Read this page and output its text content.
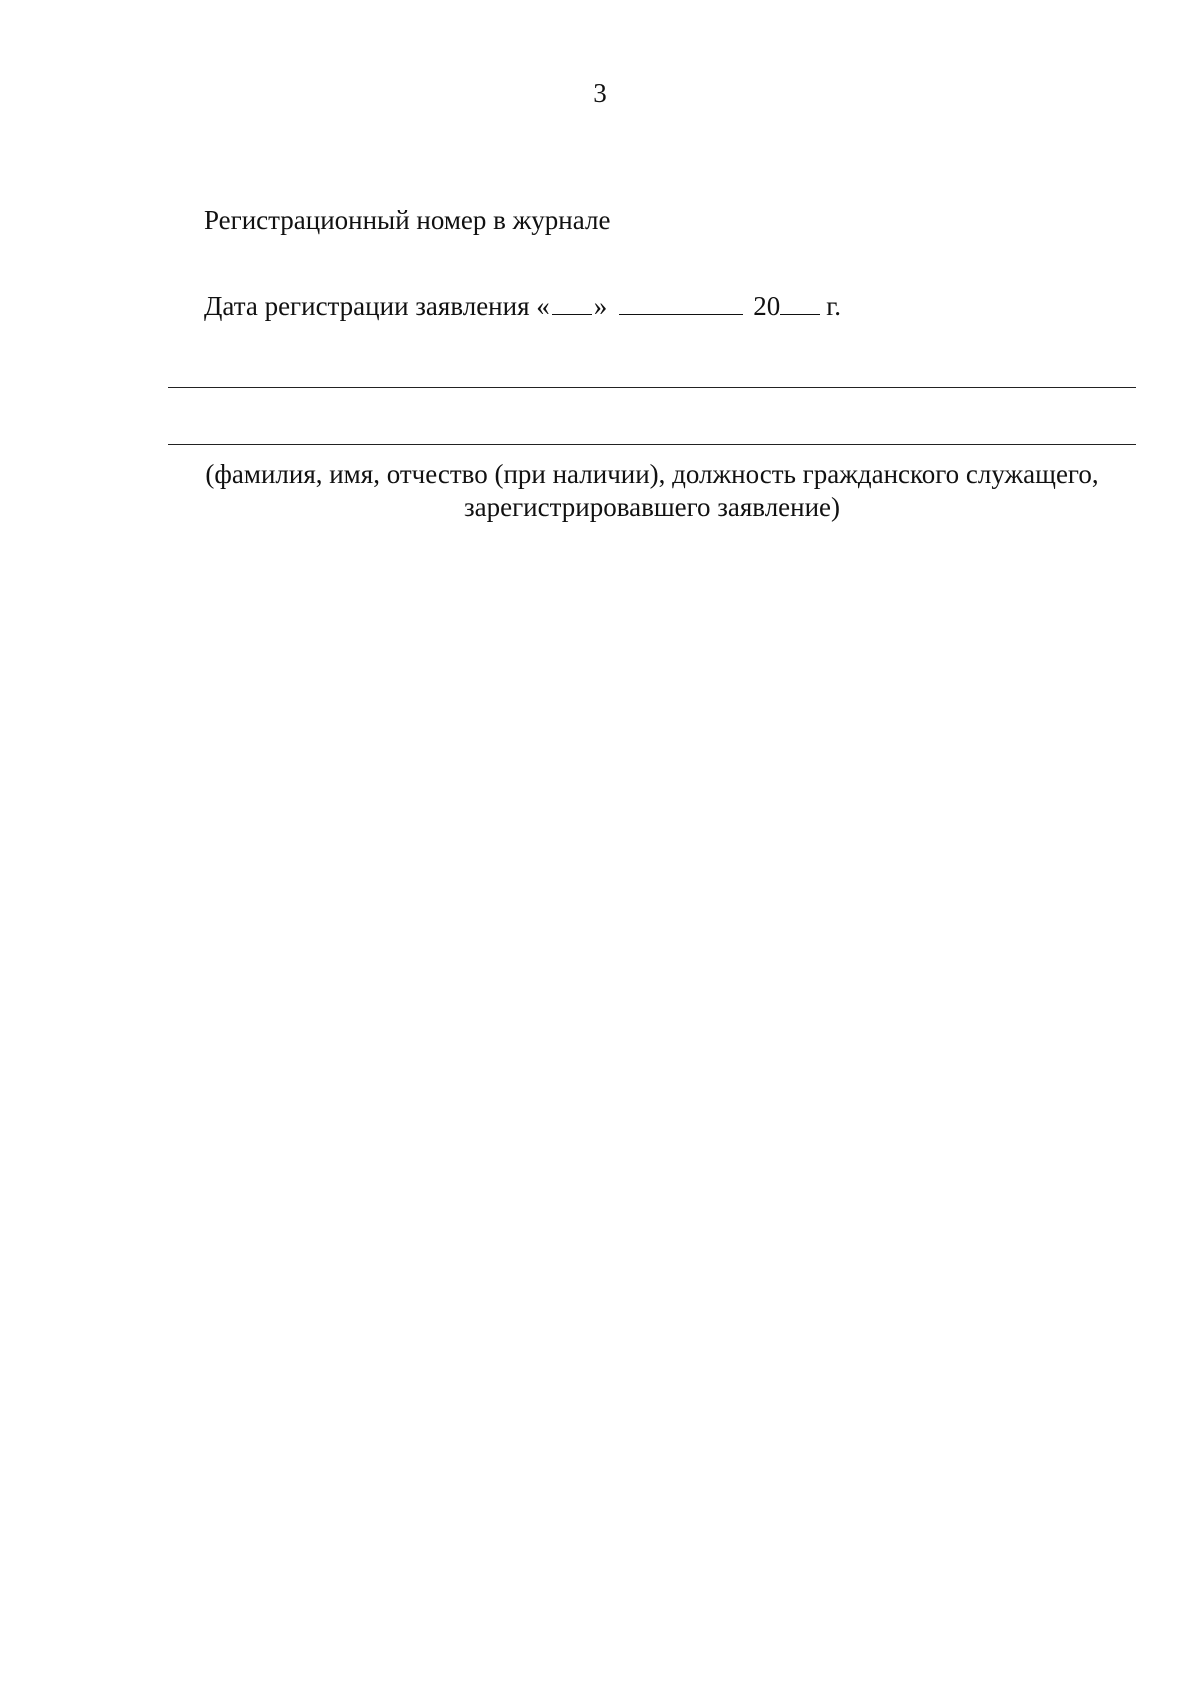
3
Регистрационный номер в журнале
Дата регистрации заявления « »	20 г.
(фамилия, имя, отчество (при наличии), должность гражданского служащего,
зарегистрировавшего заявление)
